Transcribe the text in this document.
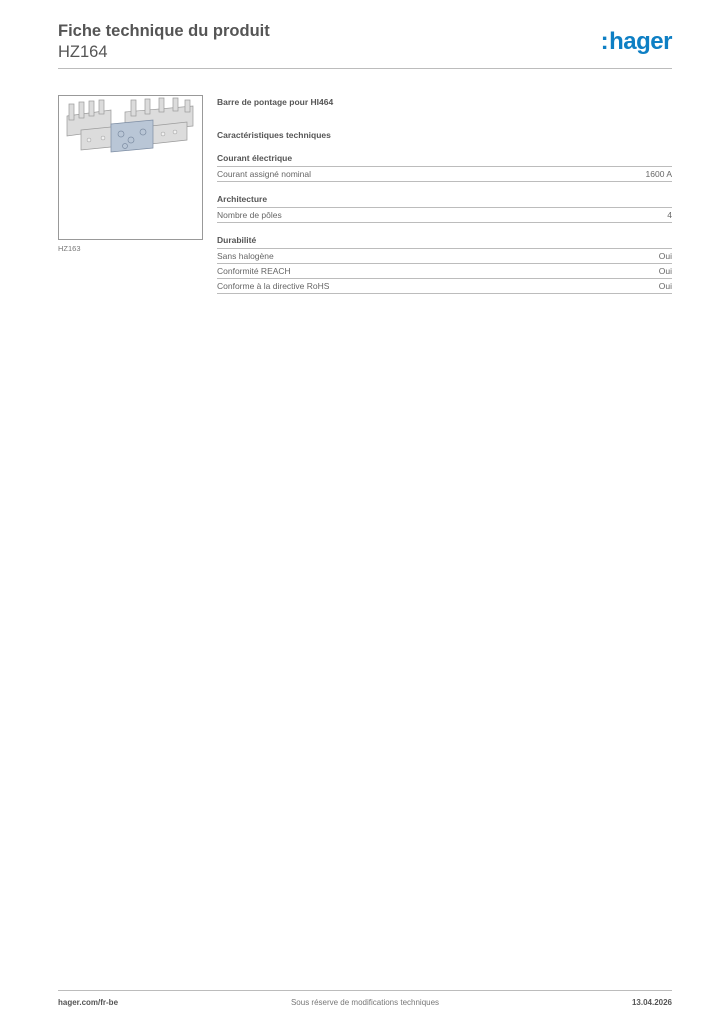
Fiche technique du produit
HZ164	:hager
HZ163
Barre de pontage pour HI464
Caractéristiques techniques
Courant électrique
Courant assigné nominal	1600 A
Architecture
Nombre de pôles	4
Durabilité
Sans halogène	Oui
Conformité REACH	Oui
Conforme à la directive RoHS	Oui
hager.com/fr-be	Sous réserve de modifications techniques	13.04.2026
